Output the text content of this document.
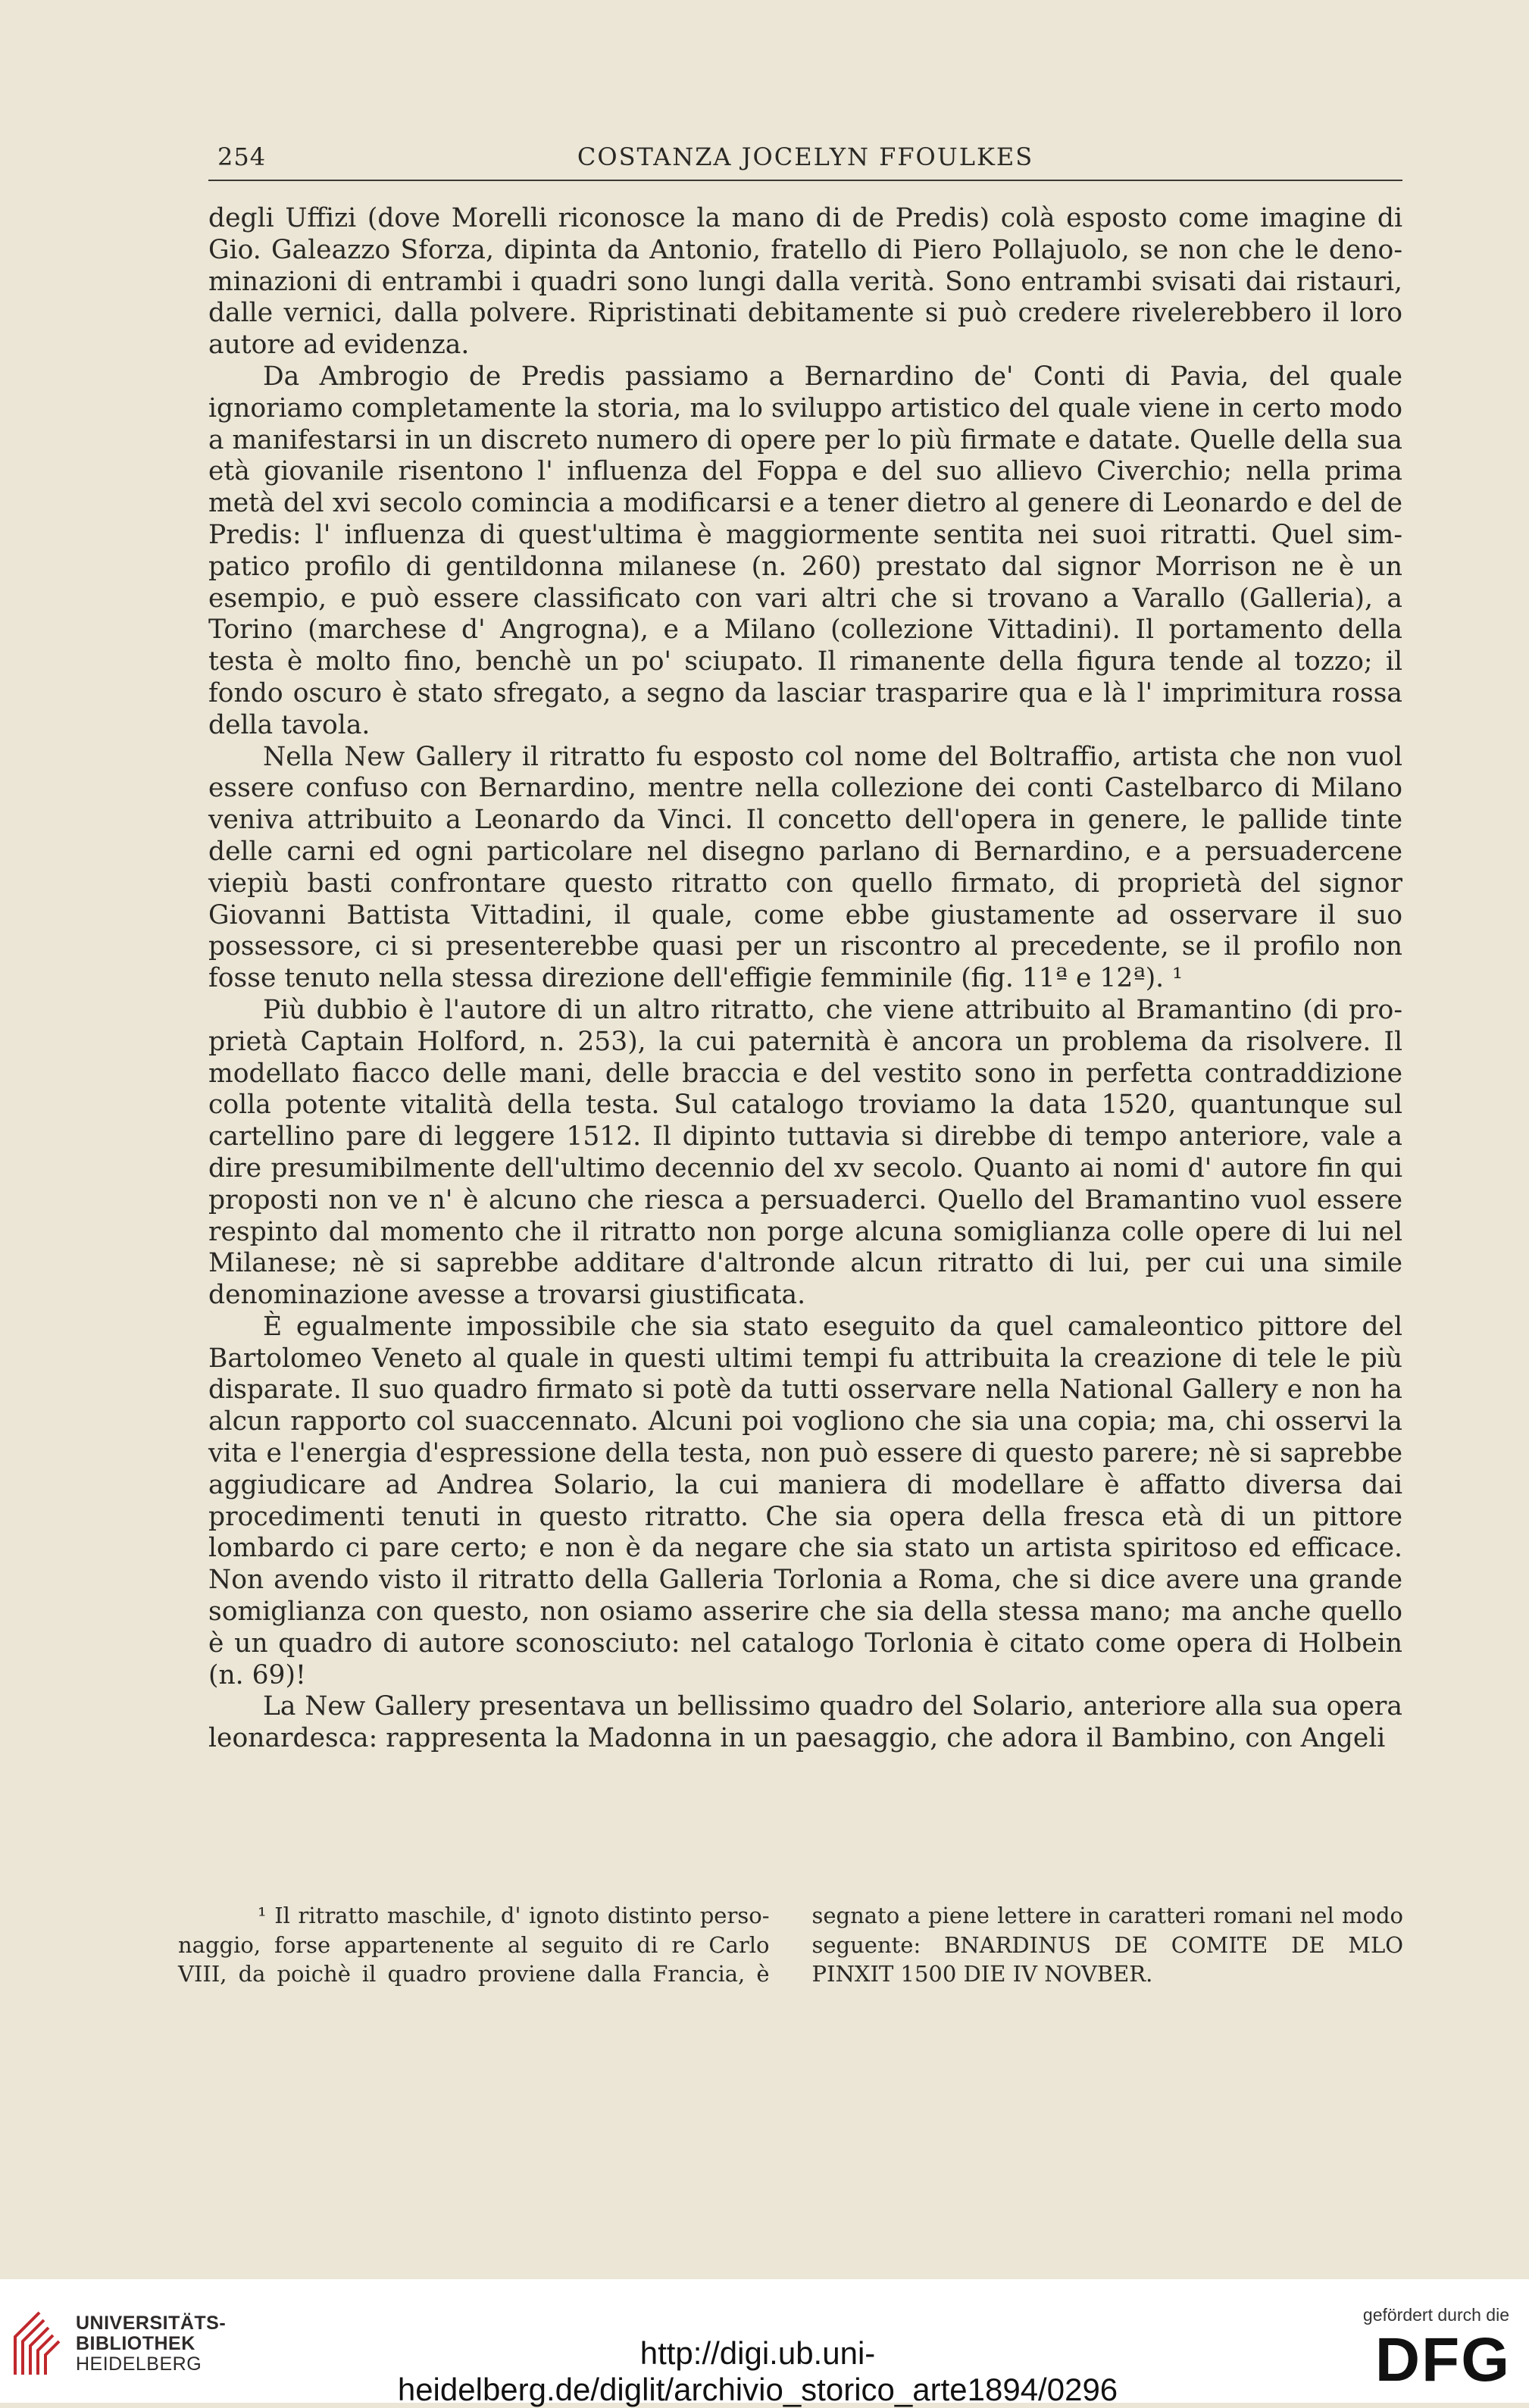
254	COSTANZA JOCELYN FFOULKES

degli Uffizi (dove Morelli riconosce la mano di de Predis) colà esposto come imagine di Gio. Galeazzo Sforza, dipinta da Antonio, fratello di Piero Pollajuolo, se non che le denominazioni di entrambi i quadri sono lungi dalla verità. Sono entrambi svisati dai ristauri, dalle vernici, dalla polvere. Ripristinati debitamente si può credere rivelerebbero il loro autore ad evidenza.

Da Ambrogio de Predis passiamo a Bernardino de' Conti di Pavia, del quale ignoriamo completamente la storia, ma lo sviluppo artistico del quale viene in certo modo a manifestarsi in un discreto numero di opere per lo più firmate e datate. Quelle della sua età giovanile risentono l' influenza del Foppa e del suo allievo Civerchio; nella prima metà del xvi secolo comincia a modificarsi e a tener dietro al genere di Leonardo e del de Predis: l' influenza di quest'ultima è maggiormente sentita nei suoi ritratti. Quel simpatico profilo di gentildonna milanese (n. 260) prestato dal signor Morrison ne è un esempio, e può essere classificato con vari altri che si trovano a Varallo (Galleria), a Torino (marchese d' Angrogna), e a Milano (collezione Vittadini). Il portamento della testa è molto fino, benchè un po' sciupato. Il rimanente della figura tende al tozzo; il fondo oscuro è stato sfregato, a segno da lasciar trasparire qua e là l' imprimitura rossa della tavola.

Nella New Gallery il ritratto fu esposto col nome del Boltraffio, artista che non vuol essere confuso con Bernardino, mentre nella collezione dei conti Castelbarco di Milano veniva attribuito a Leonardo da Vinci. Il concetto dell'opera in genere, le pallide tinte delle carni ed ogni particolare nel disegno parlano di Bernardino, e a persuadercene viepiù basti confrontare questo ritratto con quello firmato, di proprietà del signor Giovanni Battista Vittadini, il quale, come ebbe giustamente ad osservare il suo possessore, ci si presenterebbe quasi per un riscontro al precedente, se il profilo non fosse tenuto nella stessa direzione dell'effigie femminile (fig. 11ª e 12ª). ¹

Più dubbio è l'autore di un altro ritratto, che viene attribuito al Bramantino (di proprietà Captain Holford, n. 253), la cui paternità è ancora un problema da risolvere. Il modellato fiacco delle mani, delle braccia e del vestito sono in perfetta contraddizione colla potente vitalità della testa. Sul catalogo troviamo la data 1520, quantunque sul cartellino pare di leggere 1512. Il dipinto tuttavia si direbbe di tempo anteriore, vale a dire presumibilmente dell'ultimo decennio del xv secolo. Quanto ai nomi d' autore fin qui proposti non ve n' è alcuno che riesca a persuaderci. Quello del Bramantino vuol essere respinto dal momento che il ritratto non porge alcuna somiglianza colle opere di lui nel Milanese; nè si saprebbe additare d'altronde alcun ritratto di lui, per cui una simile denominazione avesse a trovarsi giustificata.

È egualmente impossibile che sia stato eseguito da quel camaleontico pittore del Bartolomeo Veneto al quale in questi ultimi tempi fu attribuita la creazione di tele le più disparate. Il suo quadro firmato si potè da tutti osservare nella National Gallery e non ha alcun rapporto col suaccennato. Alcuni poi vogliono che sia una copia; ma, chi osservi la vita e l'energia d'espressione della testa, non può essere di questo parere; nè si saprebbe aggiudicare ad Andrea Solario, la cui maniera di modellare è affatto diversa dai procedimenti tenuti in questo ritratto. Che sia opera della fresca età di un pittore lombardo ci pare certo; e non è da negare che sia stato un artista spiritoso ed efficace. Non avendo visto il ritratto della Galleria Torlonia a Roma, che si dice avere una grande somiglianza con questo, non osiamo asserire che sia della stessa mano; ma anche quello è un quadro di autore sconosciuto: nel catalogo Torlonia è citato come opera di Holbein (n. 69)!

La New Gallery presentava un bellissimo quadro del Solario, anteriore alla sua opera leonardesca: rappresenta la Madonna in un paesaggio, che adora il Bambino, con Angeli

¹ Il ritratto maschile, d' ignoto distinto personaggio, forse appartenente al seguito di re Carlo VIII, da poichè il quadro proviene dalla Francia, è segnato a piene lettere in caratteri romani nel modo seguente: BNARDINUS DE COMITE DE MLO PINXIT 1500 DIE IV NOVBER.

UNIVERSITÄTS-
BIBLIOTHEK
HEIDELBERG	http://digi.ub.uni-heidelberg.de/diglit/archivio_storico_arte1894/0296
gefördert durch die
DFG
